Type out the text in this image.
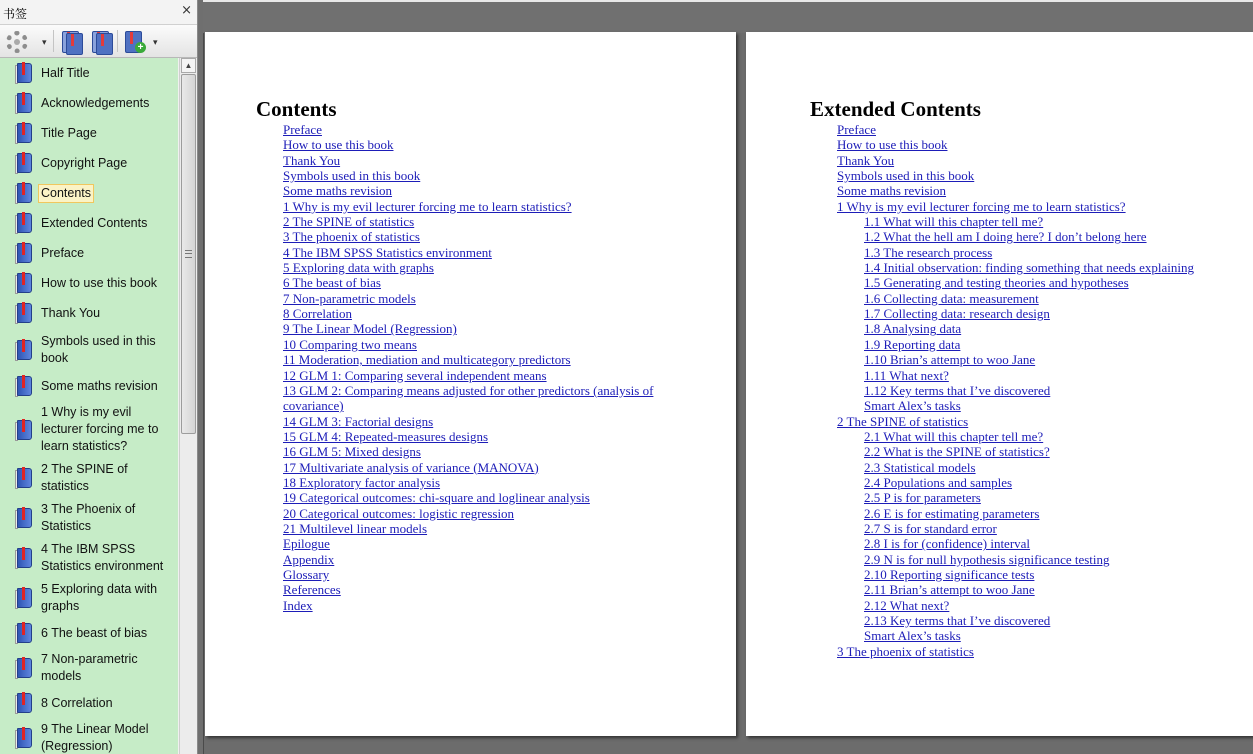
书签	×
▾	+ ▾
Half Title
Acknowledgements
Title Page
Copyright Page
Contents
Extended Contents
Preface
How to use this book
Thank You
Symbols used in this book
Some maths revision
1 Why is my evil lecturer forcing me to learn statistics?
2 The SPINE of statistics
3 The Phoenix of Statistics
4 The IBM SPSS Statistics environment
5 Exploring data with graphs
6 The beast of bias
7 Non-parametric models
8 Correlation
9 The Linear Model (Regression)
▲
Contents
Preface
How to use this book
Thank You
Symbols used in this book
Some maths revision
1 Why is my evil lecturer forcing me to learn statistics?
2 The SPINE of statistics
3 The phoenix of statistics
4 The IBM SPSS Statistics environment
5 Exploring data with graphs
6 The beast of bias
7 Non-parametric models
8 Correlation
9 The Linear Model (Regression)
10 Comparing two means
11 Moderation, mediation and multicategory predictors
12 GLM 1: Comparing several independent means
13 GLM 2: Comparing means adjusted for other predictors (analysis of covariance)
14 GLM 3: Factorial designs
15 GLM 4: Repeated-measures designs
16 GLM 5: Mixed designs
17 Multivariate analysis of variance (MANOVA)
18 Exploratory factor analysis
19 Categorical outcomes: chi-square and loglinear analysis
20 Categorical outcomes: logistic regression
21 Multilevel linear models
Epilogue
Appendix
Glossary
References
Index
Extended Contents
Preface
How to use this book
Thank You
Symbols used in this book
Some maths revision
1 Why is my evil lecturer forcing me to learn statistics?
1.1 What will this chapter tell me?
1.2 What the hell am I doing here? I don’t belong here
1.3 The research process
1.4 Initial observation: finding something that needs explaining
1.5 Generating and testing theories and hypotheses
1.6 Collecting data: measurement
1.7 Collecting data: research design
1.8 Analysing data
1.9 Reporting data
1.10 Brian’s attempt to woo Jane
1.11 What next?
1.12 Key terms that I’ve discovered
Smart Alex’s tasks
2 The SPINE of statistics
2.1 What will this chapter tell me?
2.2 What is the SPINE of statistics?
2.3 Statistical models
2.4 Populations and samples
2.5 P is for parameters
2.6 E is for estimating parameters
2.7 S is for standard error
2.8 I is for (confidence) interval
2.9 N is for null hypothesis significance testing
2.10 Reporting significance tests
2.11 Brian’s attempt to woo Jane
2.12 What next?
2.13 Key terms that I’ve discovered
Smart Alex’s tasks
3 The phoenix of statistics
